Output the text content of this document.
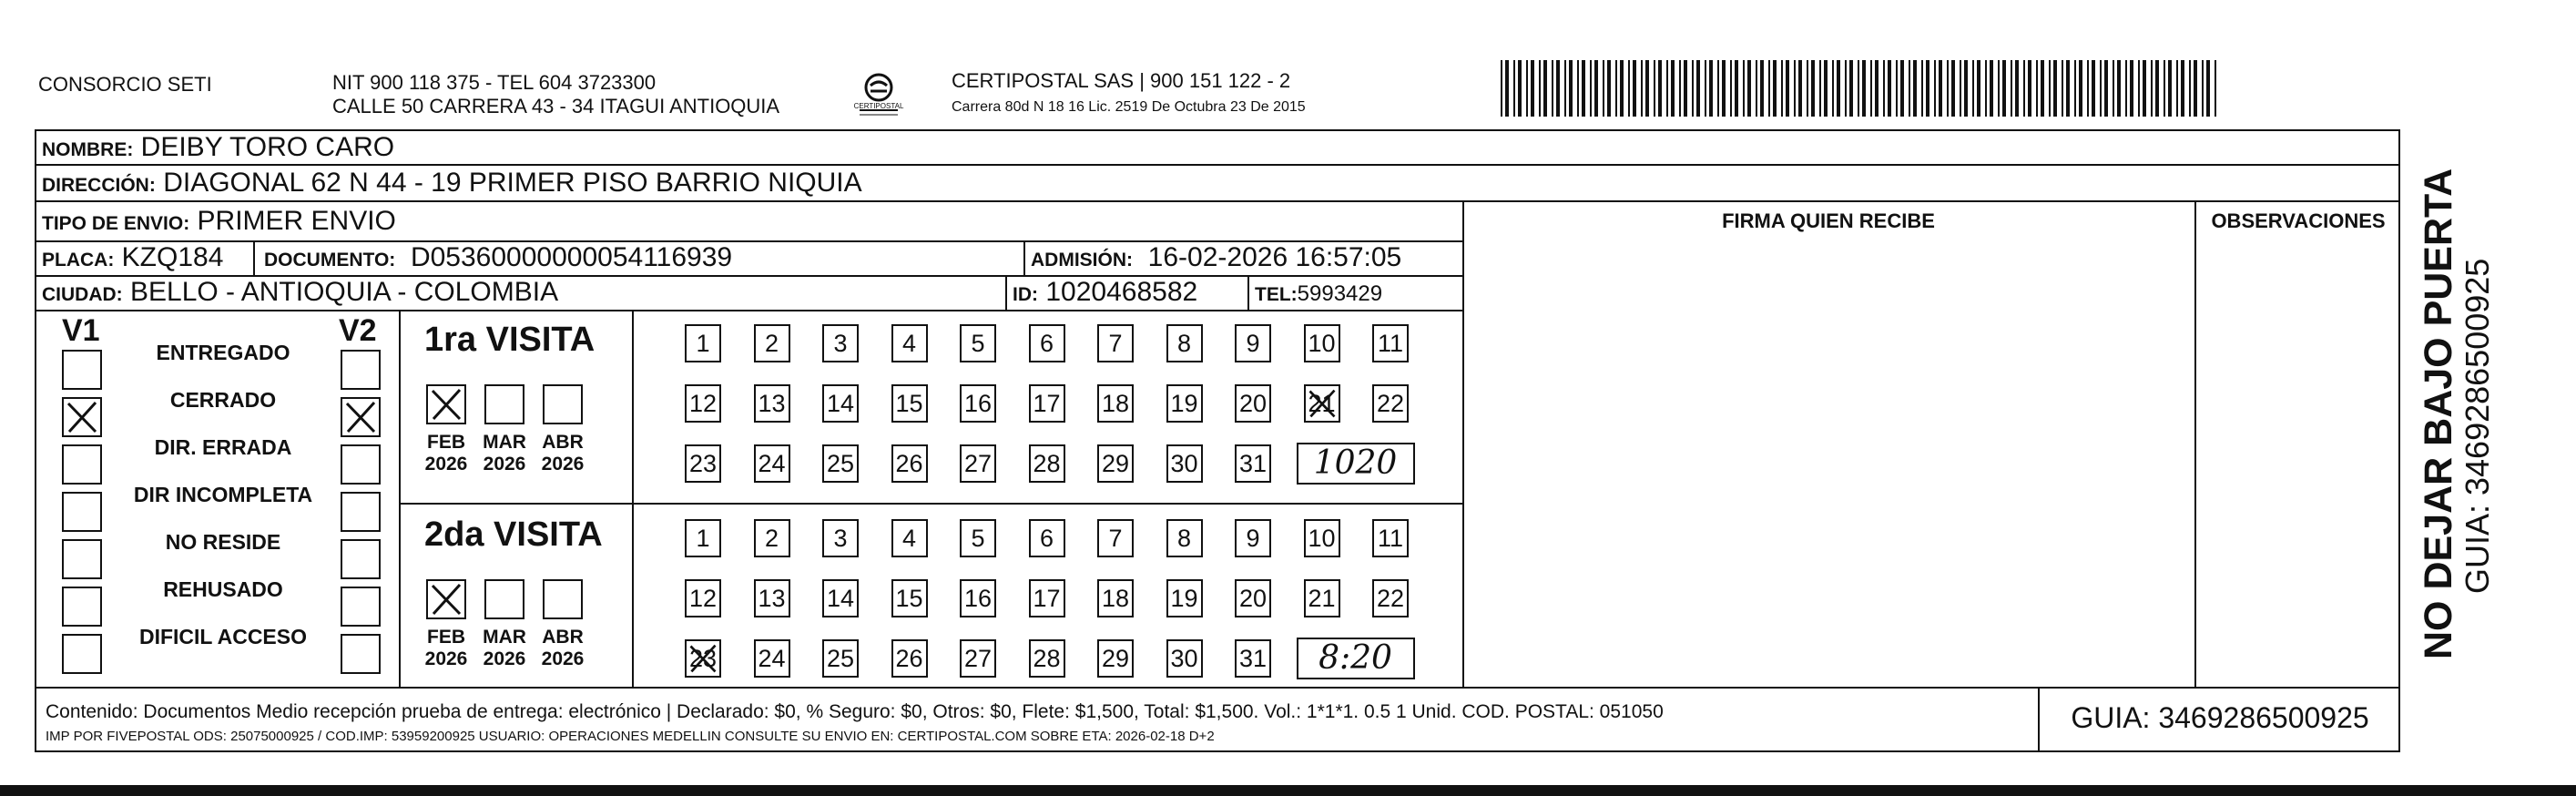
CONSORCIO SETI	NIT 900 118 375 - TEL 604 3723300
CALLE 50 CARRERA 43 - 34 ITAGUI ANTIOQUIA	CERTIPOSTAL
CERTIPOSTAL SAS | 900 151 122 - 2
Carrera 80d N 18 16 Lic. 2519 De Octubra 23 De 2015
FIRMA QUIEN RECIBE	OBSERVACIONES
NOMBRE: DEIBY TORO CARO
DIRECCIÓN: DIAGONAL 62 N 44 - 19 PRIMER PISO BARRIO NIQUIA
TIPO DE ENVIO: PRIMER ENVIO
PLACA: KZQ184 DOCUMENTO: D05360000000054116939	ADMISIÓN: 16-02-2026 16:57:05
CIUDAD: BELLO - ANTIOQUIA - COLOMBIA	ID: 1020468582	TEL:5993429
V1	V2
ENTREGADO
CERRADO
DIR. ERRADA
DIR INCOMPLETA
NO RESIDE
REHUSADO
DIFICIL ACCESO
1ra VISITA
FEB
2026
MAR
2026
ABR
2026
1	2	3	4	5	6	7	8	9	10 11
12 13 14 15 16 17 18 19 20 21 22
23 24 25 26 27 28 29 30 31	1020
2da VISITA
FEB
2026
MAR
2026
ABR
2026
1	2	3	4	5	6	7	8	9	10 11
12 13 14 15 16 17 18 19 20 21 22
23 24 25 26 27 28 29 30 31	8:20
Contenido: Documentos Medio recepción prueba de entrega: electrónico | Declarado: $0, % Seguro: $0, Otros: $0, Flete: $1,500, Total: $1,500. Vol.: 1*1*1. 0.5 1 Unid. COD. POSTAL: 051050
IMP POR FIVEPOSTAL ODS: 25075000925 / COD.IMP: 53959200925 USUARIO: OPERACIONES MEDELLIN CONSULTE SU ENVIO EN: CERTIPOSTAL.COM SOBRE ETA: 2026-02-18 D+2
GUIA: 3469286500925
NO DEJAR BAJO PUERTA
GUIA: 3469286500925
